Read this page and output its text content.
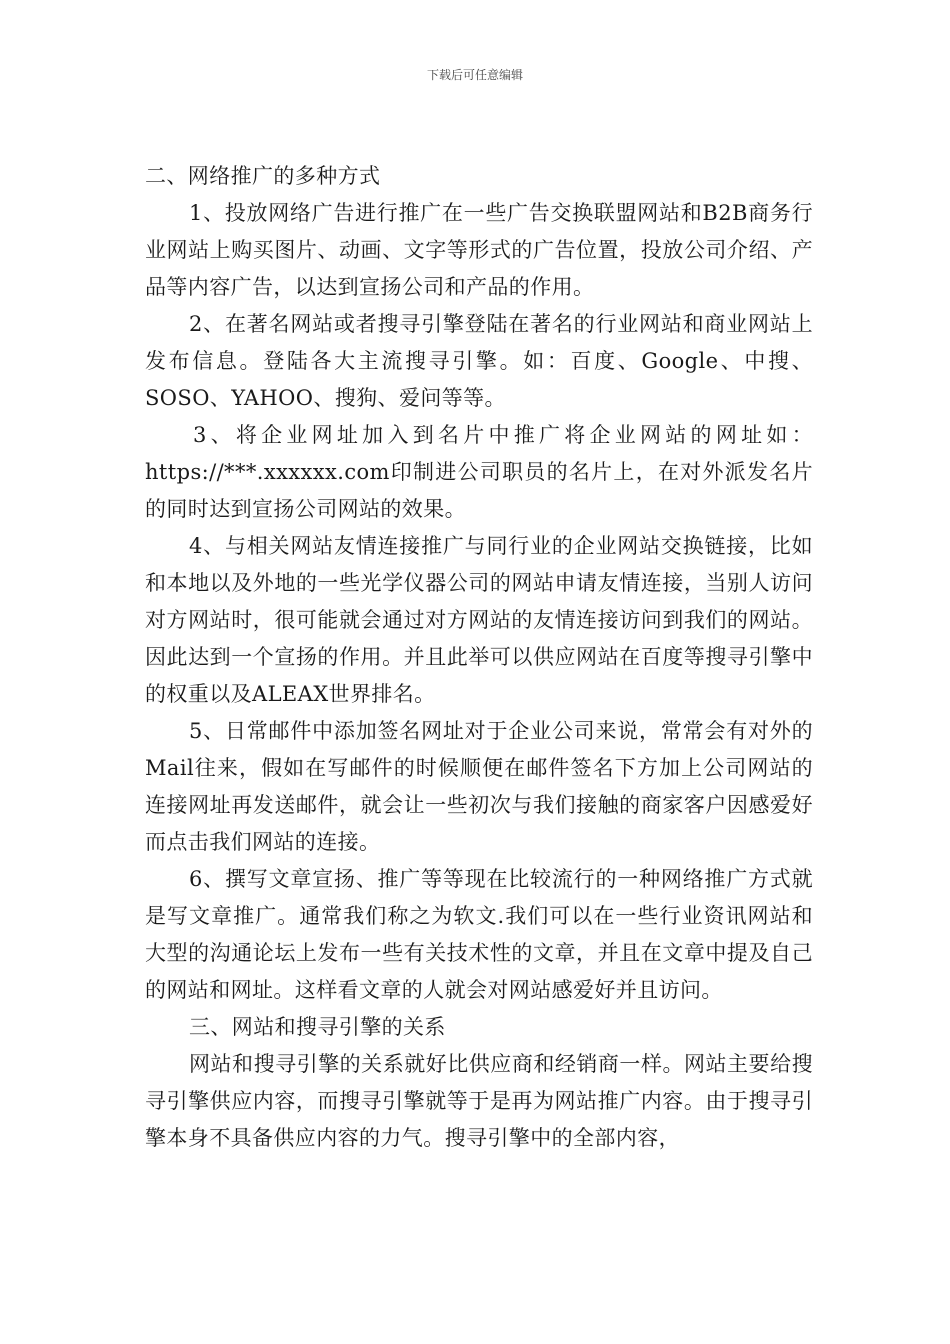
下载后可任意编辑

二、网络推广的多种方式

1、投放网络广告进行推广在一些广告交换联盟网站和B2B商务行业网站上购买图片、动画、文字等形式的广告位置，投放公司介绍、产品等内容广告，以达到宣扬公司和产品的作用。

2、在著名网站或者搜寻引擎登陆在著名的行业网站和商业网站上发布信息。登陆各大主流搜寻引擎。如：百度、Google、中搜、SOSO、YAHOO、搜狗、爱问等等。

3、将企业网址加入到名片中推广将企业网站的网址如：https://***.xxxxxx.com印制进公司职员的名片上，在对外派发名片的同时达到宣扬公司网站的效果。

4、与相关网站友情连接推广与同行业的企业网站交换链接，比如和本地以及外地的一些光学仪器公司的网站申请友情连接，当别人访问对方网站时，很可能就会通过对方网站的友情连接访问到我们的网站。因此达到一个宣扬的作用。并且此举可以供应网站在百度等搜寻引擎中的权重以及ALEAX世界排名。

5、日常邮件中添加签名网址对于企业公司来说，常常会有对外的Mail往来，假如在写邮件的时候顺便在邮件签名下方加上公司网站的连接网址再发送邮件，就会让一些初次与我们接触的商家客户因感爱好而点击我们网站的连接。

6、撰写文章宣扬、推广等等现在比较流行的一种网络推广方式就是写文章推广。通常我们称之为软文.我们可以在一些行业资讯网站和大型的沟通论坛上发布一些有关技术性的文章，并且在文章中提及自己的网站和网址。这样看文章的人就会对网站感爱好并且访问。

三、网站和搜寻引擎的关系

网站和搜寻引擎的关系就好比供应商和经销商一样。网站主要给搜寻引擎供应内容，而搜寻引擎就等于是再为网站推广内容。由于搜寻引擎本身不具备供应内容的力气。搜寻引擎中的全部内容，
